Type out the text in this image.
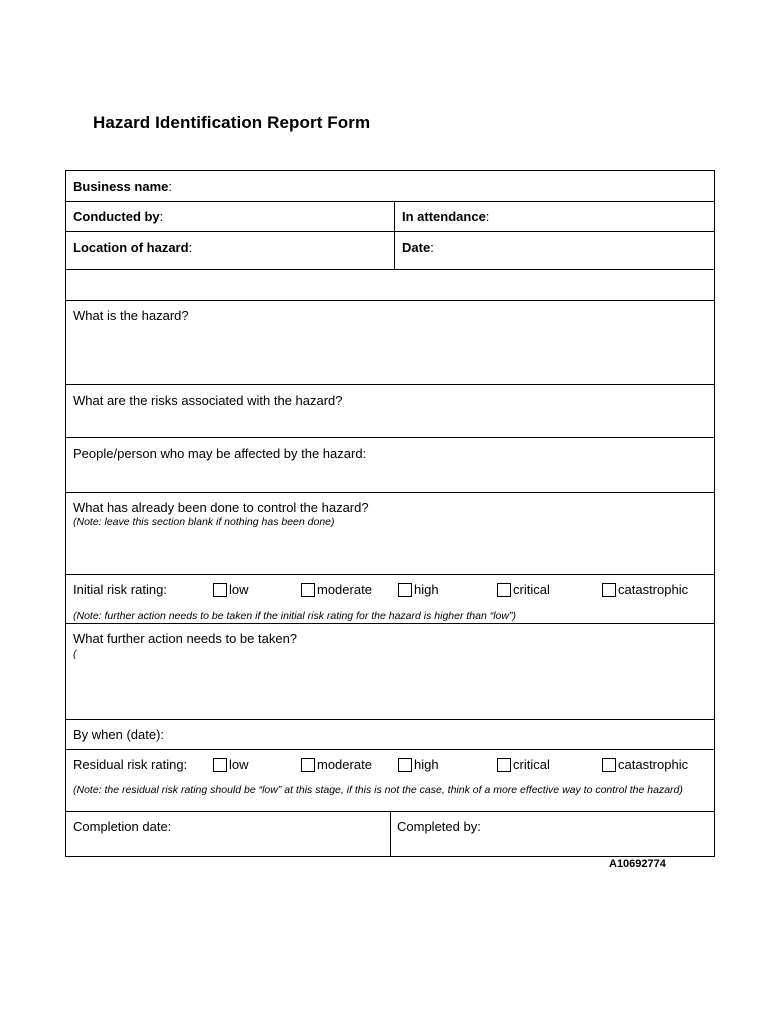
Hazard Identification Report Form
Business name:
Conducted by:	In attendance:
Location of hazard:	Date:
What is the hazard?
What are the risks associated with the hazard?
People/person who may be affected by the hazard:
What has already been done to control the hazard?
(Note: leave this section blank if nothing has been done)
Initial risk rating:	low	moderate	high	critical	catastrophic
(Note: further action needs to be taken if the initial risk rating for the hazard is higher than “low”)
What further action needs to be taken?
(
By when (date):
Residual risk rating:	low	moderate	high	critical	catastrophic
(Note: the residual risk rating should be “low” at this stage, if this is not the case, think of a more effective way to control the hazard)
Completion date:	Completed by:
A10692774
